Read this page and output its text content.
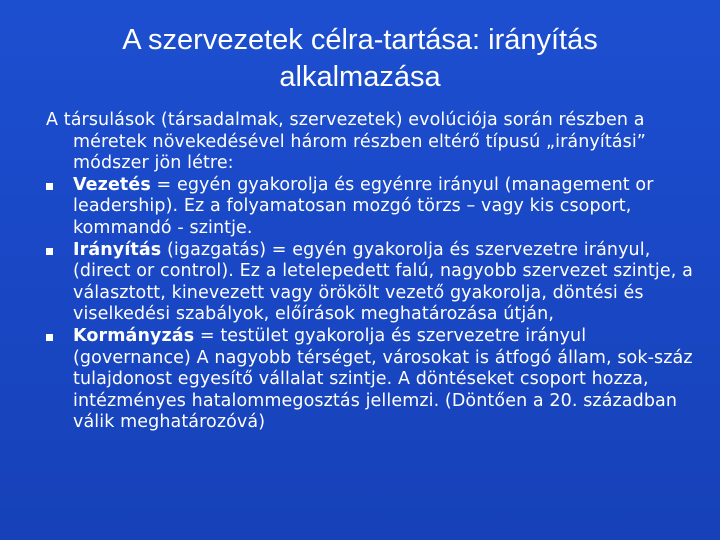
A szervezetek célra-tartása: irányítás
alkalmazása

A társulások (társadalmak, szervezetek) evolúciója során részben a méretek növekedésével három részben eltérő típusú „irányítási” módszer jön létre:

Vezetés = egyén gyakorolja és egyénre irányul (management or leadership). Ez a folyamatosan mozgó törzs – vagy kis csoport, kommandó - szintje.
Irányítás (igazgatás) = egyén gyakorolja és szervezetre irányul, (direct or control). Ez a letelepedett falú, nagyobb szervezet szintje, a választott, kinevezett vagy örökölt vezető gyakorolja, döntési és viselkedési szabályok, előírások meghatározása útján,
Kormányzás = testület gyakorolja és szervezetre irányul (governance) A nagyobb térséget, városokat is átfogó állam, sok-száz tulajdonost egyesítő vállalat szintje. A döntéseket csoport hozza, intézményes hatalommegosztás jellemzi. (Döntően a 20. században válik meghatározóvá)
